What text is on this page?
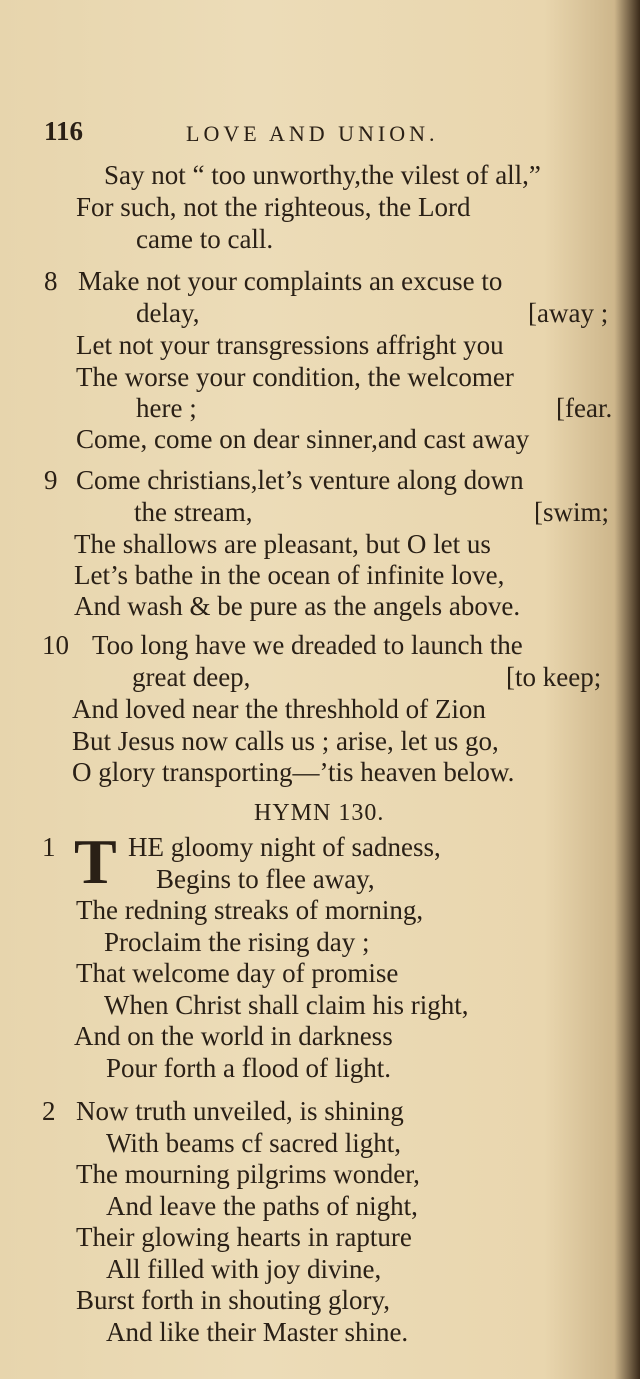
116	LOVE AND UNION.
Say not “ too unworthy,the vilest of all,”
For such, not the righteous, the Lord
came to call.
8 Make not your complaints an excuse to
delay,	[away ;
Let not your transgressions affright you
The worse your condition, the welcomer
here ;	[fear.
Come, come on dear sinner,and cast away
9 Come christians,let’s venture along down
the stream,	[swim;
The shallows are pleasant, but O let us
Let’s bathe in the ocean of infinite love,
And wash & be pure as the angels above.
10 Too long have we dreaded to launch the
great deep,	[to keep;
And loved near the threshhold of Zion
But Jesus now calls us ; arise, let us go,
O glory transporting—’tis heaven below.
HYMN 130.
1 T HE gloomy night of sadness,
Begins to flee away,
The redning streaks of morning,
Proclaim the rising day ;
That welcome day of promise
When Christ shall claim his right,
And on the world in darkness
Pour forth a flood of light.
2 Now truth unveiled, is shining
With beams cf sacred light,
The mourning pilgrims wonder,
And leave the paths of night,
Their glowing hearts in rapture
All filled with joy divine,
Burst forth in shouting glory,
And like their Master shine.
